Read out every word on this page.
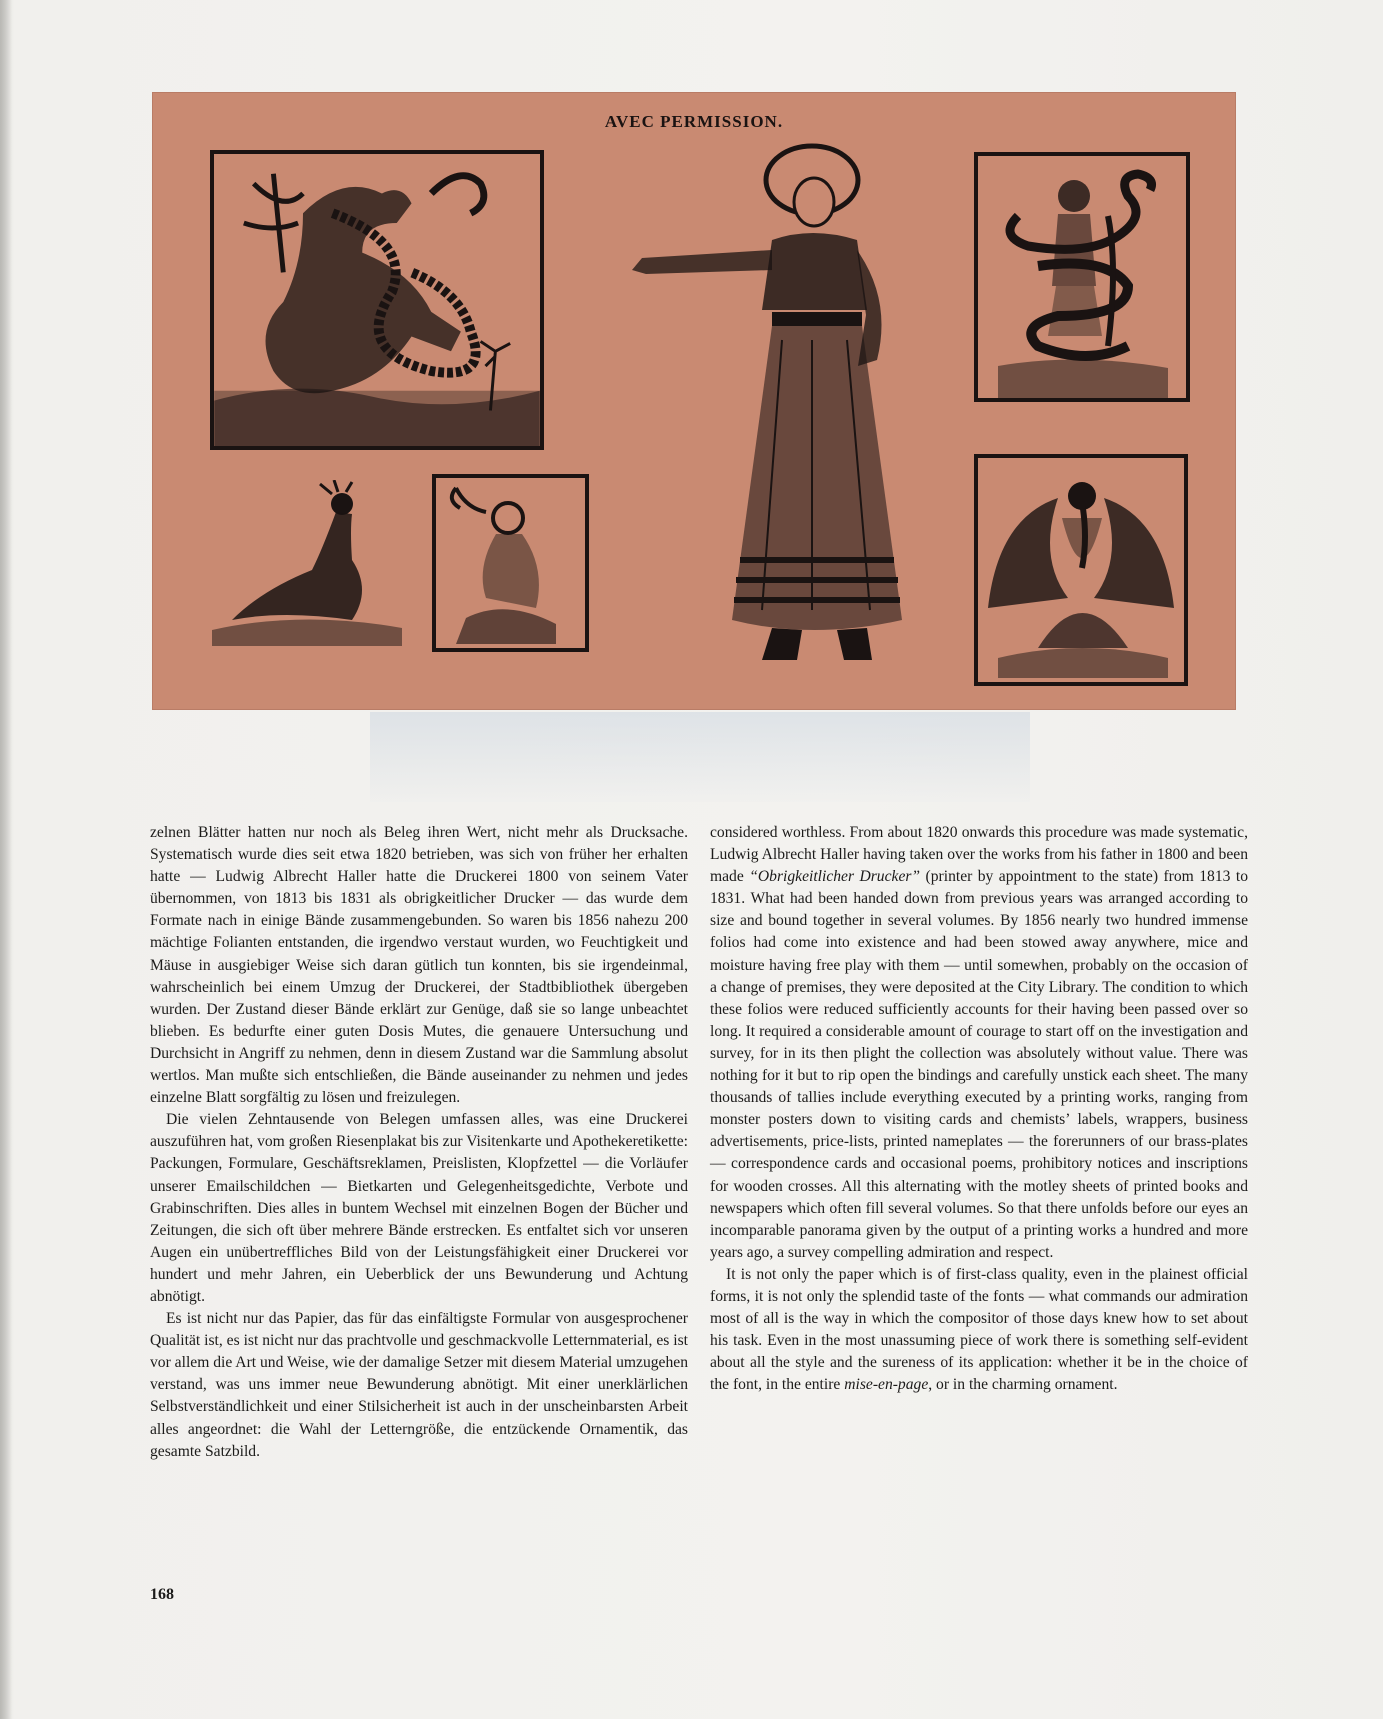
AVEC PERMISSION.

zelnen Blätter hatten nur noch als Beleg ihren Wert, nicht mehr als Drucksache. Systematisch wurde dies seit etwa 1820 betrieben, was sich von früher her erhalten hatte — Ludwig Albrecht Haller hatte die Druckerei 1800 von seinem Vater übernommen, von 1813 bis 1831 als obrigkeitlicher Drucker — das wurde dem Formate nach in einige Bände zusammengebunden. So waren bis 1856 nahezu 200 mächtige Folianten entstanden, die irgendwo verstaut wurden, wo Feuchtigkeit und Mäuse in ausgiebiger Weise sich daran gütlich tun konnten, bis sie irgendeinmal, wahrscheinlich bei einem Umzug der Druckerei, der Stadtbibliothek übergeben wurden. Der Zustand dieser Bände erklärt zur Genüge, daß sie so lange unbeachtet blieben. Es bedurfte einer guten Dosis Mutes, die genauere Untersuchung und Durchsicht in Angriff zu nehmen, denn in diesem Zustand war die Sammlung absolut wertlos. Man mußte sich entschließen, die Bände auseinander zu nehmen und jedes einzelne Blatt sorgfältig zu lösen und freizulegen.

Die vielen Zehntausende von Belegen umfassen alles, was eine Druckerei auszuführen hat, vom großen Riesenplakat bis zur Visitenkarte und Apothekeretikette: Packungen, Formulare, Geschäftsreklamen, Preislisten, Klopfzettel — die Vorläufer unserer Emailschildchen — Bietkarten und Gelegenheitsgedichte, Verbote und Grabinschriften. Dies alles in buntem Wechsel mit einzelnen Bogen der Bücher und Zeitungen, die sich oft über mehrere Bände erstrecken. Es entfaltet sich vor unseren Augen ein unübertreffliches Bild von der Leistungsfähigkeit einer Druckerei vor hundert und mehr Jahren, ein Ueberblick der uns Bewunderung und Achtung abnötigt.

Es ist nicht nur das Papier, das für das einfältigste Formular von ausgesprochener Qualität ist, es ist nicht nur das prachtvolle und geschmackvolle Letternmaterial, es ist vor allem die Art und Weise, wie der damalige Setzer mit diesem Material umzugehen verstand, was uns immer neue Bewunderung abnötigt. Mit einer unerklärlichen Selbstverständlichkeit und einer Stilsicherheit ist auch in der unscheinbarsten Arbeit alles angeordnet: die Wahl der Letterngröße, die entzückende Ornamentik, das gesamte Satzbild.

considered worthless. From about 1820 onwards this procedure was made systematic, Ludwig Albrecht Haller having taken over the works from his father in 1800 and been made “Obrigkeitlicher Drucker” (printer by appointment to the state) from 1813 to 1831. What had been handed down from previous years was arranged according to size and bound together in several volumes. By 1856 nearly two hundred immense folios had come into existence and had been stowed away anywhere, mice and moisture having free play with them — until somewhen, probably on the occasion of a change of premises, they were deposited at the City Library. The condition to which these folios were reduced sufficiently accounts for their having been passed over so long. It required a considerable amount of courage to start off on the investigation and survey, for in its then plight the collection was absolutely without value. There was nothing for it but to rip open the bindings and carefully unstick each sheet. The many thousands of tallies include everything executed by a printing works, ranging from monster posters down to visiting cards and chemists’ labels, wrappers, business advertisements, price-lists, printed nameplates — the forerunners of our brass-plates — correspondence cards and occasional poems, prohibitory notices and inscriptions for wooden crosses. All this alternating with the motley sheets of printed books and newspapers which often fill several volumes. So that there unfolds before our eyes an incomparable panorama given by the output of a printing works a hundred and more years ago, a survey compelling admiration and respect.

It is not only the paper which is of first-class quality, even in the plainest official forms, it is not only the splendid taste of the fonts — what commands our admiration most of all is the way in which the compositor of those days knew how to set about his task. Even in the most unassuming piece of work there is something self-evident about all the style and the sureness of its application: whether it be in the choice of the font, in the entire mise-en-page, or in the charming ornament.

168
